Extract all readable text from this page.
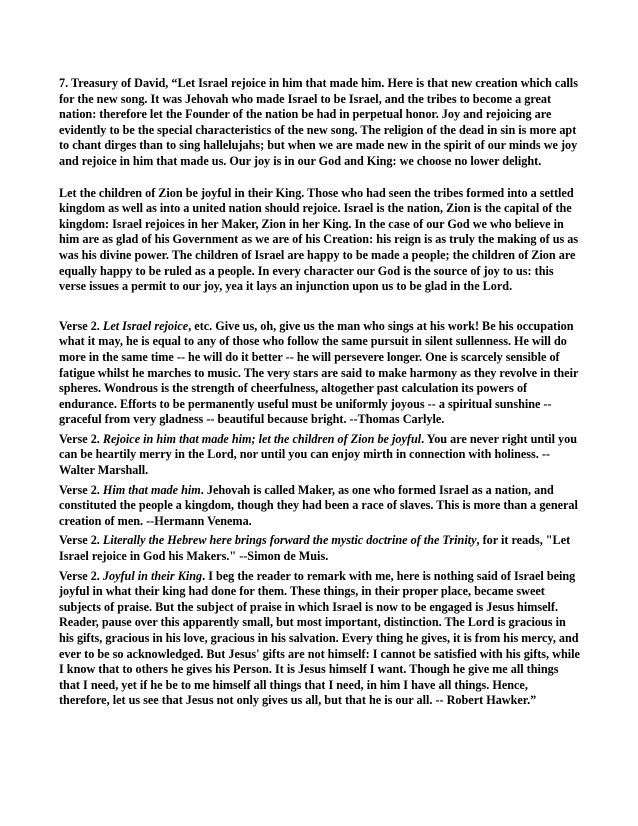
7. Treasury of David, “Let Israel rejoice in him that made him. Here is that new creation which calls for the new song. It was Jehovah who made Israel to be Israel, and the tribes to become a great nation: therefore let the Founder of the nation be had in perpetual honor. Joy and rejoicing are evidently to be the special characteristics of the new song. The religion of the dead in sin is more apt to chant dirges than to sing hallelujahs; but when we are made new in the spirit of our minds we joy and rejoice in him that made us. Our joy is in our God and King: we choose no lower delight.

Let the children of Zion be joyful in their King. Those who had seen the tribes formed into a settled kingdom as well as into a united nation should rejoice. Israel is the nation, Zion is the capital of the kingdom: Israel rejoices in her Maker, Zion in her King. In the case of our God we who believe in him are as glad of his Government as we are of his Creation: his reign is as truly the making of us as was his divine power. The children of Israel are happy to be made a people; the children of Zion are equally happy to be ruled as a people. In every character our God is the source of joy to us: this verse issues a permit to our joy, yea it lays an injunction upon us to be glad in the Lord.

Verse 2. Let Israel rejoice, etc. Give us, oh, give us the man who sings at his work! Be his occupation what it may, he is equal to any of those who follow the same pursuit in silent sullenness. He will do more in the same time -- he will do it better -- he will persevere longer. One is scarcely sensible of fatigue whilst he marches to music. The very stars are said to make harmony as they revolve in their spheres. Wondrous is the strength of cheerfulness, altogether past calculation its powers of endurance. Efforts to be permanently useful must be uniformly joyous -- a spiritual sunshine -- graceful from very gladness -- beautiful because bright. --Thomas Carlyle.

Verse 2. Rejoice in him that made him; let the children of Zion be joyful. You are never right until you can be heartily merry in the Lord, nor until you can enjoy mirth in connection with holiness. --Walter Marshall.

Verse 2. Him that made him. Jehovah is called Maker, as one who formed Israel as a nation, and constituted the people a kingdom, though they had been a race of slaves. This is more than a general creation of men. --Hermann Venema.

Verse 2. Literally the Hebrew here brings forward the mystic doctrine of the Trinity, for it reads, "Let Israel rejoice in God his Makers." --Simon de Muis.

Verse 2. Joyful in their King. I beg the reader to remark with me, here is nothing said of Israel being joyful in what their king had done for them. These things, in their proper place, became sweet subjects of praise. But the subject of praise in which Israel is now to be engaged is Jesus himself. Reader, pause over this apparently small, but most important, distinction. The Lord is gracious in his gifts, gracious in his love, gracious in his salvation. Every thing he gives, it is from his mercy, and ever to be so acknowledged. But Jesus' gifts are not himself: I cannot be satisfied with his gifts, while I know that to others he gives his Person. It is Jesus himself I want. Though he give me all things that I need, yet if he be to me himself all things that I need, in him I have all things. Hence, therefore, let us see that Jesus not only gives us all, but that he is our all. -- Robert Hawker.”
